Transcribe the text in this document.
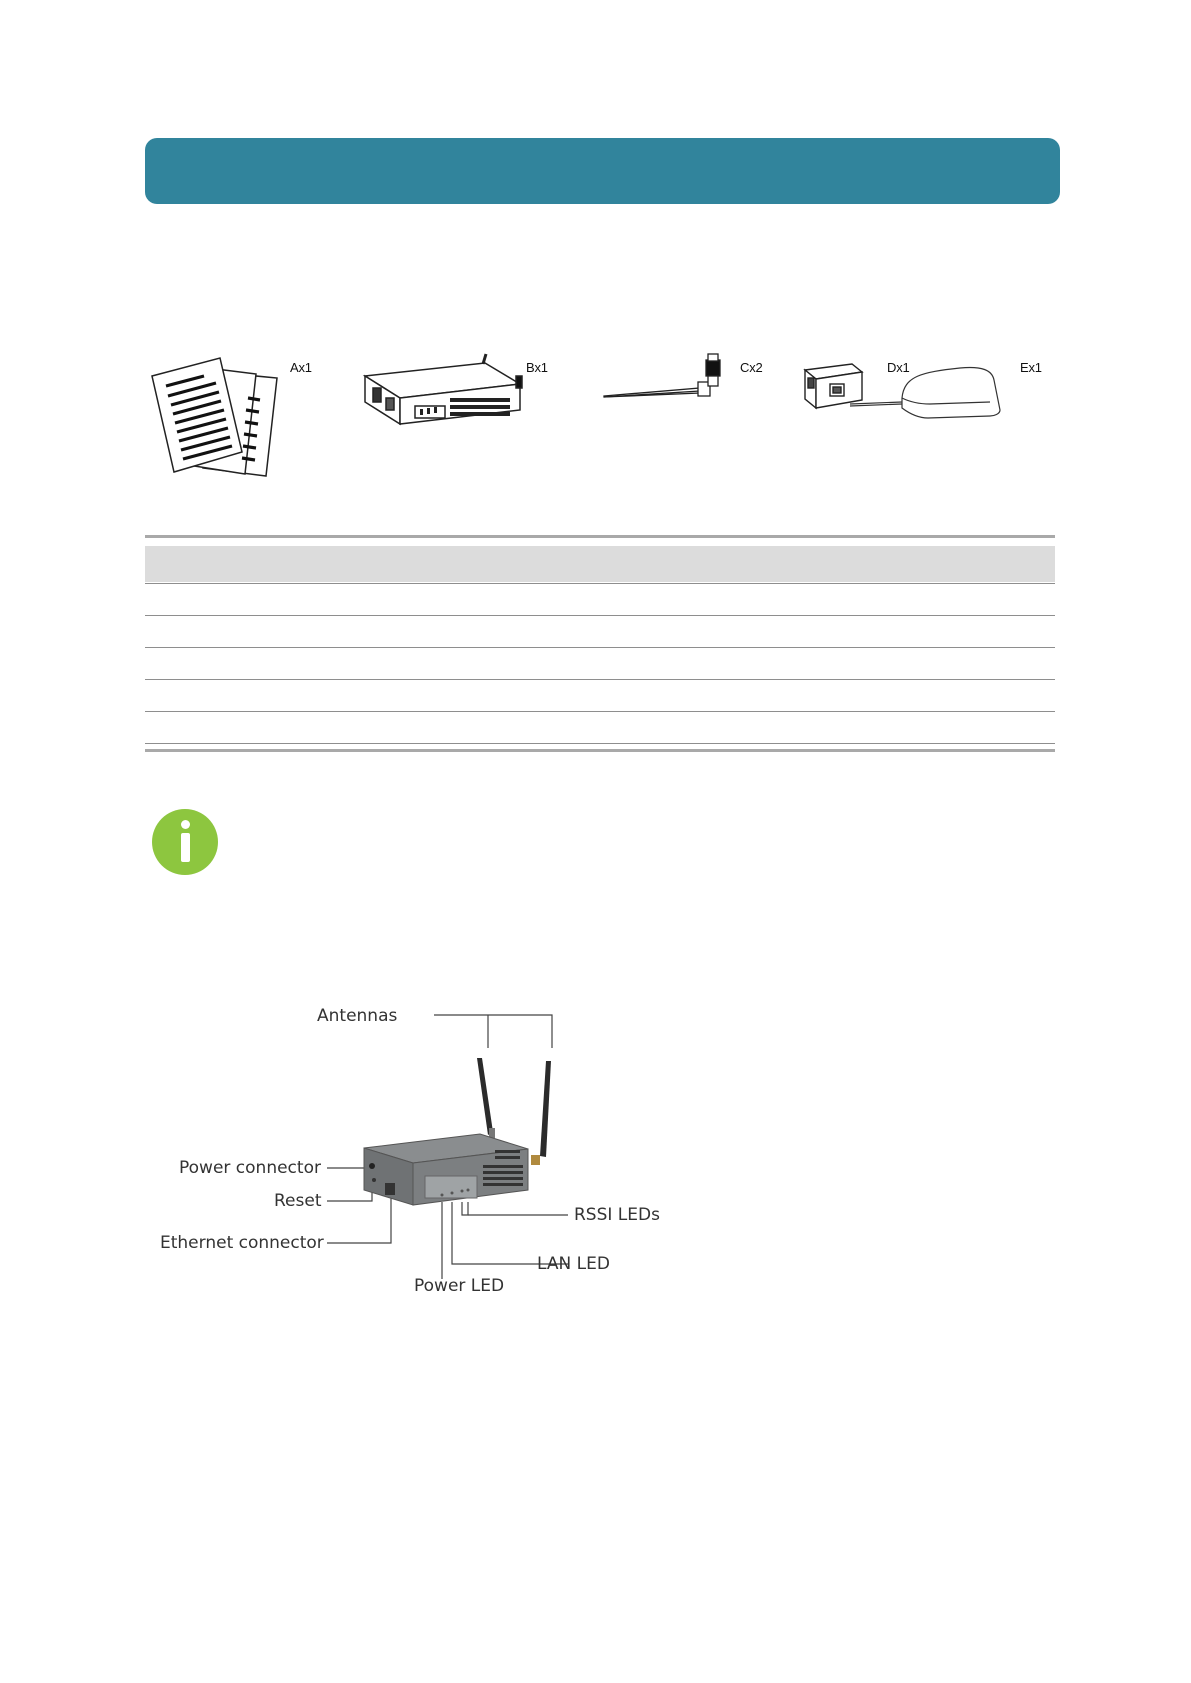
Ax1	Bx1	Cx2	Dx1	Ex1
Antennas
Power connector
Reset
Ethernet connector
RSSI LEDs
LAN LED
Power LED
